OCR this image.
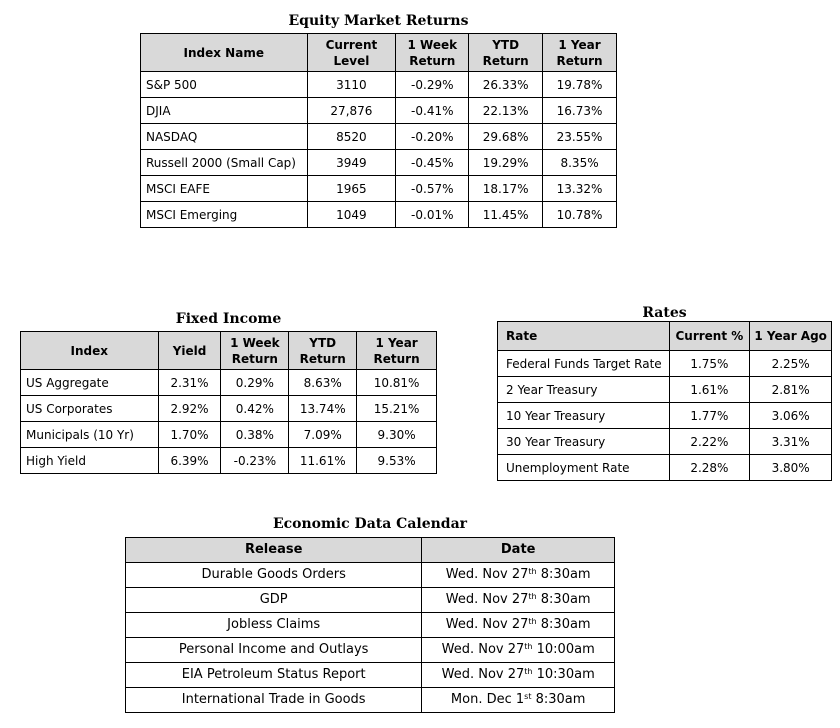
Equity Market Returns
Index Name	Current Level	1 Week Return	YTD Return	1 Year Return
S&P 500	3110	-0.29%	26.33%	19.78%
DJIA	27,876	-0.41%	22.13%	16.73%
NASDAQ	8520	-0.20%	29.68%	23.55%
Russell 2000 (Small Cap)	3949	-0.45%	19.29%	8.35%
MSCI EAFE	1965	-0.57%	18.17%	13.32%
MSCI Emerging	1049	-0.01%	11.45%	10.78%
Fixed Income
Index	Yield	1 Week Return	YTD Return	1 Year Return
US Aggregate	2.31%	0.29%	8.63%	10.81%
US Corporates	2.92%	0.42%	13.74%	15.21%
Municipals (10 Yr)	1.70%	0.38%	7.09%	9.30%
High Yield	6.39%	-0.23%	11.61%	9.53%
Rates
Rate	Current %	1 Year Ago
Federal Funds Target Rate	1.75%	2.25%
2 Year Treasury	1.61%	2.81%
10 Year Treasury	1.77%	3.06%
30 Year Treasury	2.22%	3.31%
Unemployment Rate	2.28%	3.80%
Economic Data Calendar
Release	Date
Durable Goods Orders	Wed. Nov 27th 8:30am
GDP	Wed. Nov 27th 8:30am
Jobless Claims	Wed. Nov 27th 8:30am
Personal Income and Outlays	Wed. Nov 27th 10:00am
EIA Petroleum Status Report	Wed. Nov 27th 10:30am
International Trade in Goods	Mon. Dec 1st 8:30am
